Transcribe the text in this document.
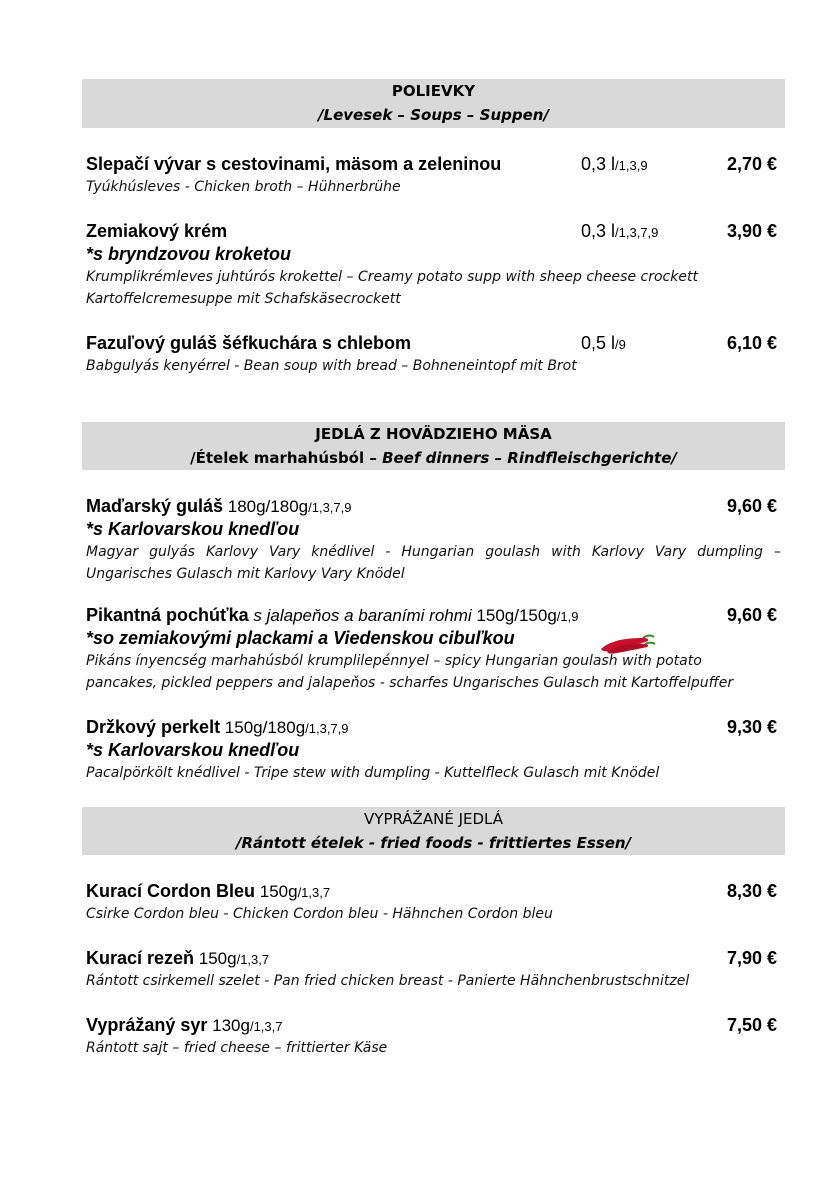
POLIEVKY
/Levesek – Soups – Suppen/
Slepačí vývar s cestovinami, mäsom a zeleninou	0,3 l/1,3,9	2,70 €
Tyúkhúsleves - Chicken broth – Hühnerbrühe
Zemiakový krém	0,3 l/1,3,7,9	3,90 €
*s bryndzovou kroketou
Krumplikrémleves juhtúrós krokettel – Creamy potato supp with sheep cheese crockett
Kartoffelcremesuppe mit Schafskäsecrockett
Fazuľový guláš šéfkuchára s chlebom	0,5 l/9	6,10 €
Babgulyás kenyérrel - Bean soup with bread – Bohneneintopf mit Brot
JEDLÁ Z HOVÄDZIEHO MÄSA
/Ételek marhahúsból – Beef dinners – Rindfleischgerichte/
Maďarský guláš 180g/180g/1,3,7,9	9,60 €
*s Karlovarskou knedľou
Magyar gulyás Karlovy Vary knédlivel - Hungarian goulash with Karlovy Vary dumpling – Ungarisches Gulasch mit Karlovy Vary Knödel
Pikantná pochúťka s jalapeňos a baraními rohmi 150g/150g/1,9	9,60 €
*so zemiakovými plackami a Viedenskou cibuľkou
Pikáns ínyencség marhahúsból krumplilepénnyel – spicy Hungarian goulash with potato
pancakes, pickled peppers and jalapeňos - scharfes Ungarisches Gulasch mit Kartoffelpuffer
Držkový perkelt 150g/180g/1,3,7,9	9,30 €
*s Karlovarskou knedľou
Pacalpörkölt knédlivel - Tripe stew with dumpling - Kuttelfleck Gulasch mit Knödel
VYPRÁŽANÉ JEDLÁ
/Rántott ételek - fried foods - frittiertes Essen/
Kurací Cordon Bleu 150g/1,3,7	8,30 €
Csirke Cordon bleu - Chicken Cordon bleu - Hähnchen Cordon bleu
Kurací rezeň 150g/1,3,7	7,90 €
Rántott csirkemell szelet - Pan fried chicken breast - Panierte Hähnchenbrustschnitzel
Vyprážaný syr 130g/1,3,7	7,50 €
Rántott sajt – fried cheese – frittierter Käse
